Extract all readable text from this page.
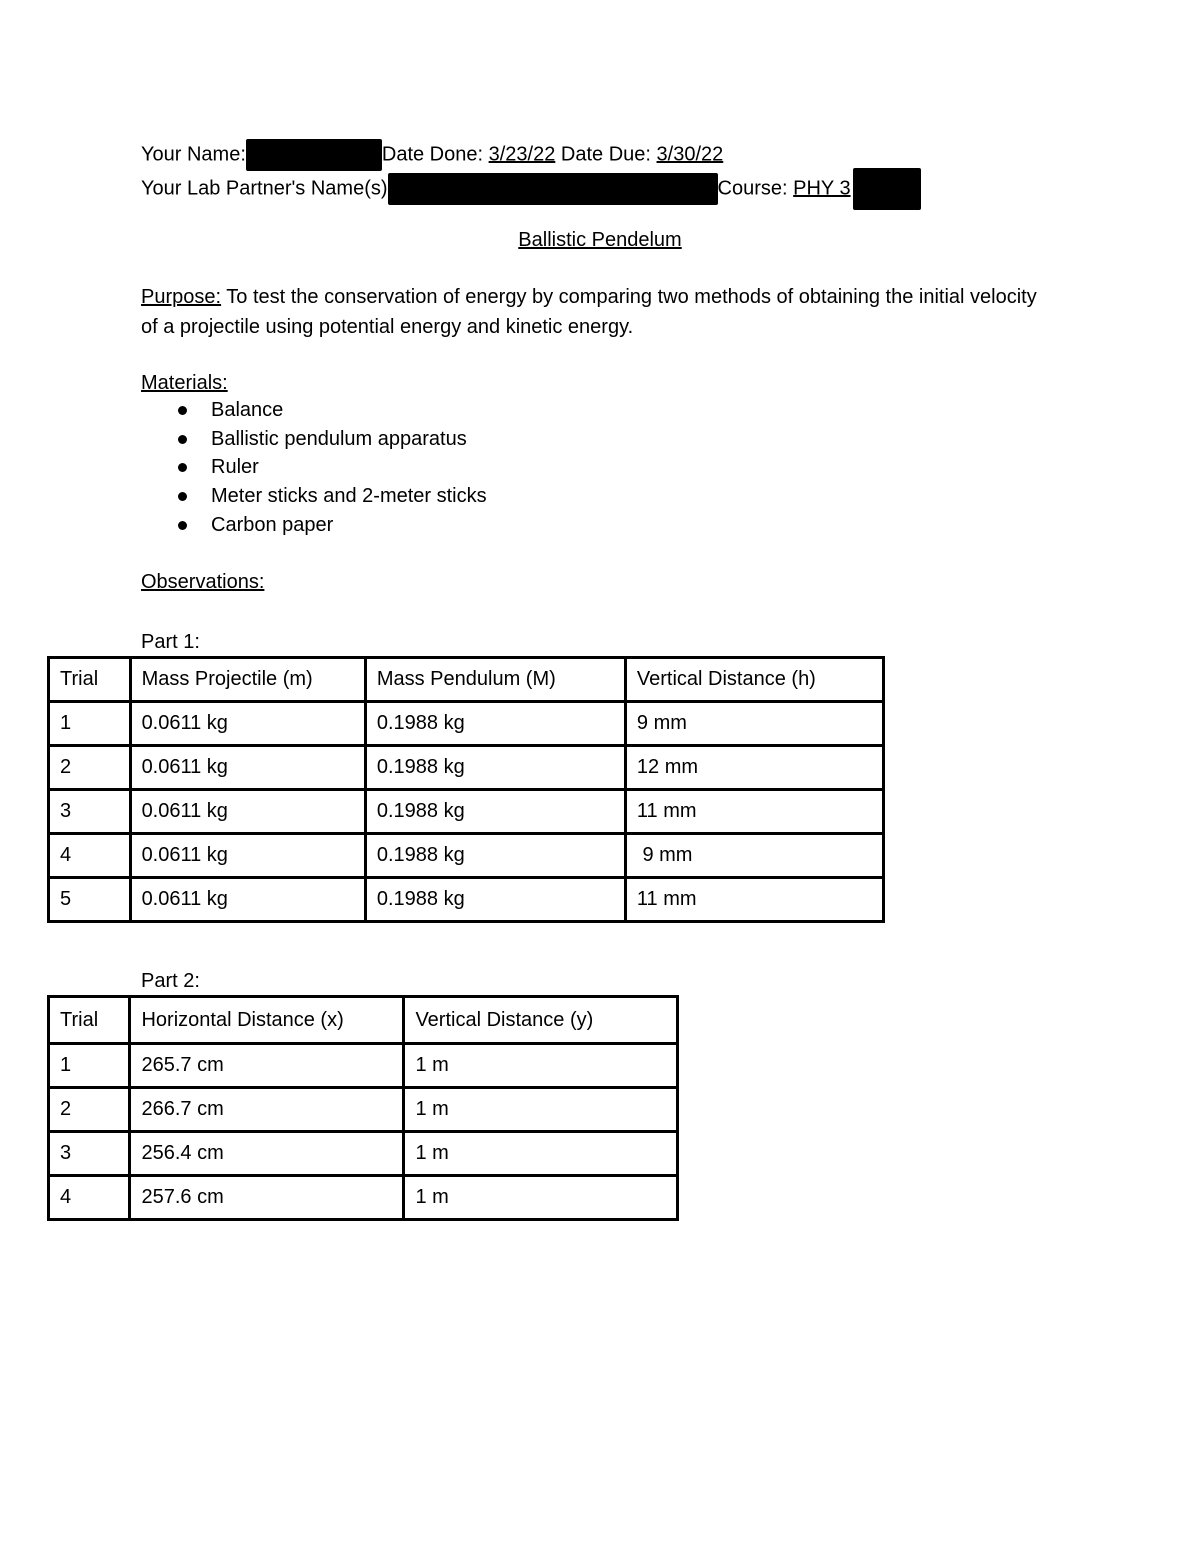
Your Name:	Date Done: 3/23/22 Date Due: 3/30/22
Your Lab Partner's Name(s)	Course: PHY 3
Ballistic Pendelum
Purpose: To test the conservation of energy by comparing two methods of obtaining the initial velocity of a projectile using potential energy and kinetic energy.
Materials:
Balance
Ballistic pendulum apparatus
Ruler
Meter sticks and 2-meter sticks
Carbon paper
Observations:
Part 1:
Trial	Mass Projectile (m)	Mass Pendulum (M)	Vertical Distance (h)
1	0.0611 kg	0.1988 kg	9 mm
2	0.0611 kg	0.1988 kg	12 mm
3	0.0611 kg	0.1988 kg	11 mm
4	0.0611 kg	0.1988 kg	9 mm
5	0.0611 kg	0.1988 kg	11 mm
Part 2:
Trial	Horizontal Distance (x)	Vertical Distance (y)
1	265.7 cm	1 m
2	266.7 cm	1 m
3	256.4 cm	1 m
4	257.6 cm	1 m
